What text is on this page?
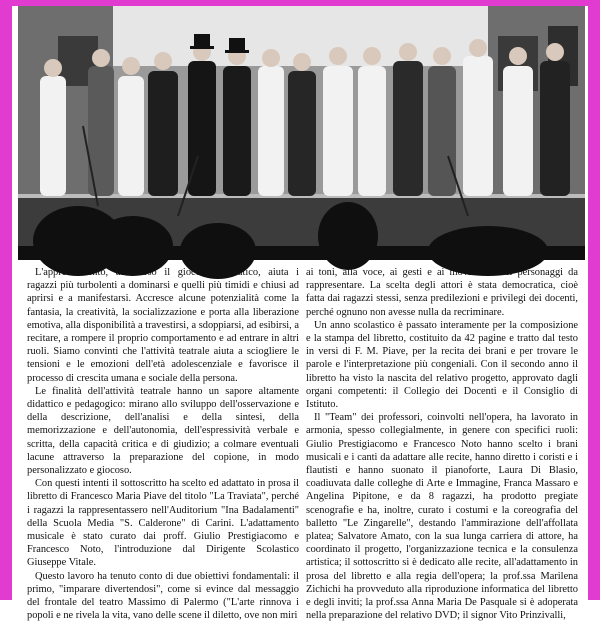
L'apprendimento, attraverso il gioco drammatico, aiuta i ragazzi più turbolenti a dominarsi e quelli più timidi e chiusi ad aprirsi e a manifestarsi. Accresce alcune potenzialità come la fantasia, la creatività, la socializzazione e porta alla liberazione emotiva, alla disponibilità a travestirsi, a sdoppiarsi, ad esibirsi, a recitare, a rompere il proprio comportamento e ad entrare in altri ruoli. Siamo convinti che l'attività teatrale aiuta a sciogliere le tensioni e le emozioni dell'età adolescenziale e favorisce il processo di crescita umana e sociale della persona.

Le finalità dell'attività teatrale hanno un sapore altamente didattico e pedagogico: mirano allo sviluppo dell'osservazione e della descrizione, dell'analisi e della sintesi, della memorizzazione e dell'autonomia, dell'espressività verbale e scritta, della capacità critica e di giudizio; a colmare eventuali lacune attraverso la preparazione del copione, in modo personalizzato e giocoso.

Con questi intenti il sottoscritto ha scelto ed adattato in prosa il libretto di Francesco Maria Piave del titolo "La Traviata", perché i ragazzi la rappresentassero nell'Auditorium "Ina Badalamenti" della Scuola Media "S. Calderone" di Carini. L'adattamento musicale è stato curato dai proff. Giulio Prestigiacomo e Francesco Noto, l'introduzione dal Dirigente Scolastico Giuseppe Vitale.

Questo lavoro ha tenuto conto di due obiettivi fondamentali: il primo, "imparare divertendosi", come si evince dal messaggio del frontale del teatro Massimo di Palermo ("L'arte rinnova i popoli e ne rivela la vita, vano delle scene il diletto, ove non miri

ai toni, alla voce, ai gesti e ai movimenti dei personaggi da rappresentare. La scelta degli attori è stata democratica, cioè fatta dai ragazzi stessi, senza predilezioni e privilegi dei docenti, perché ognuno non avesse nulla da recriminare.

Un anno scolastico è passato interamente per la composizione e la stampa del libretto, costituito da 42 pagine e tratto dal testo in versi di F. M. Piave, per la recita dei brani e per trovare le parole e l'interpretazione più congeniali. Con il secondo anno il libretto ha visto la nascita del relativo progetto, approvato dagli organi competenti: il Collegio dei Docenti e il Consiglio di Istituto.

Il "Team" dei professori, coinvolti nell'opera, ha lavorato in armonia, spesso collegialmente, in genere con specifici ruoli: Giulio Prestigiacomo e Francesco Noto hanno scelto i brani musicali e i canti da adattare alle recite, hanno diretto i coristi e i flautisti e hanno suonato il pianoforte, Laura Di Blasio, coadiuvata dalle colleghe di Arte e Immagine, Franca Massaro e Angelina Pipitone, e da 8 ragazzi, ha prodotto pregiate scenografie e ha, inoltre, curato i costumi e la coreografia del balletto "Le Zingarelle", destando l'ammirazione dell'affollata platea; Salvatore Amato, con la sua lunga carriera di attore, ha coordinato il progetto, l'organizzazione tecnica e la consulenza artistica; il sottoscritto si è dedicato alle recite, all'adattamento in prosa del libretto e alla regia dell'opera; la prof.ssa Marilena Zichichi ha provveduto alla riproduzione informatica del libretto e degli inviti; la prof.ssa Anna Maria De Pasquale si è adoperata nella preparazione del relativo DVD; il signor Vito Prinzivalli,
